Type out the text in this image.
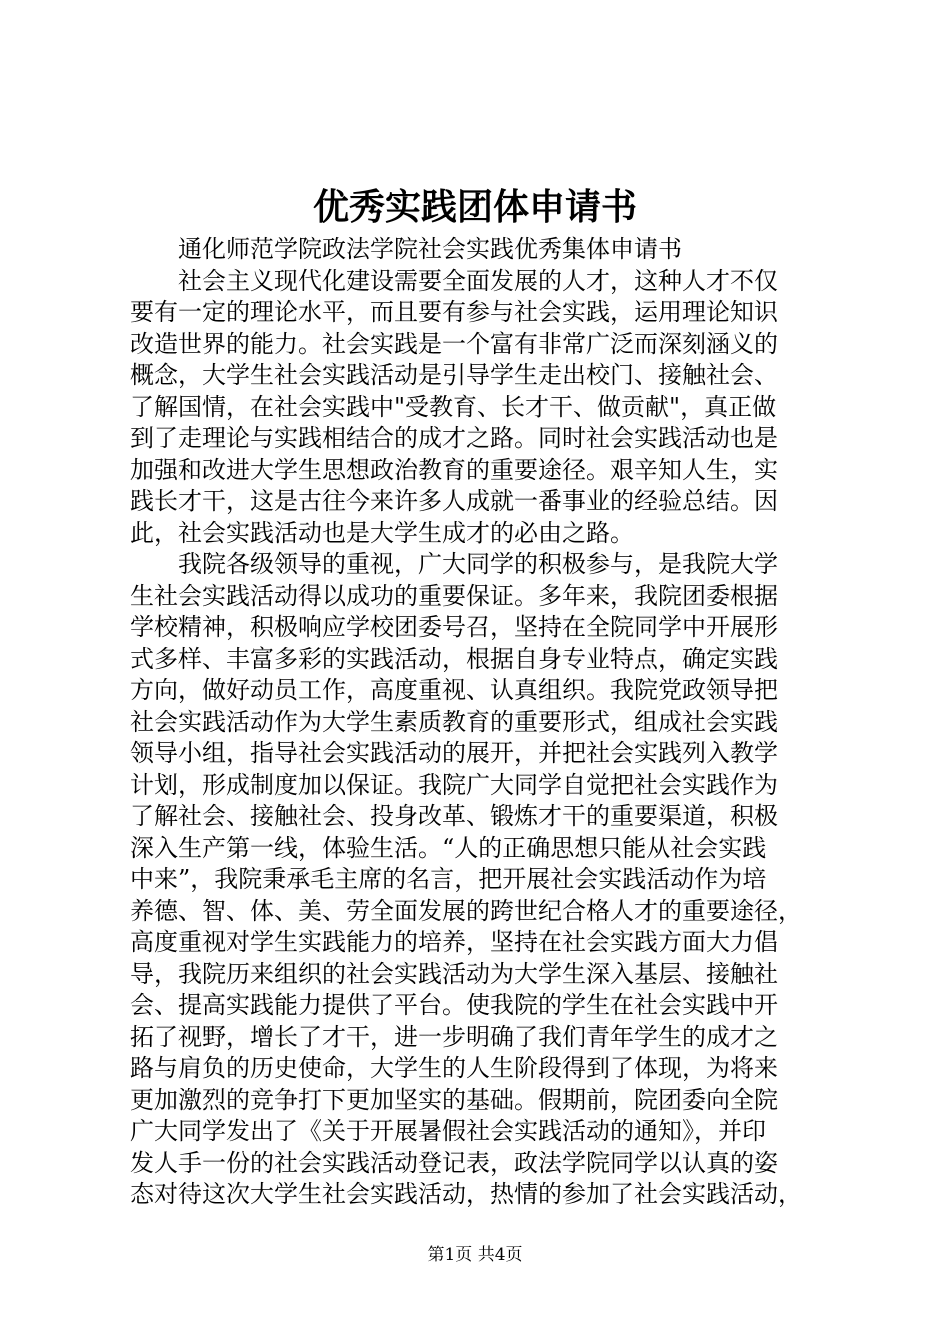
优秀实践团体申请书
　　通化师范学院政法学院社会实践优秀集体申请书
　　社会主义现代化建设需要全面发展的人才，这种人才不仅
要有一定的理论水平，而且要有参与社会实践，运用理论知识
改造世界的能力。社会实践是一个富有非常广泛而深刻涵义的
概念，大学生社会实践活动是引导学生走出校门、接触社会、
了解国情，在社会实践中"受教育、长才干、做贡献"，真正做
到了走理论与实践相结合的成才之路。同时社会实践活动也是
加强和改进大学生思想政治教育的重要途径。艰辛知人生，实
践长才干，这是古往今来许多人成就一番事业的经验总结。因
此，社会实践活动也是大学生成才的必由之路。
　　我院各级领导的重视，广大同学的积极参与，是我院大学
生社会实践活动得以成功的重要保证。多年来，我院团委根据
学校精神，积极响应学校团委号召，坚持在全院同学中开展形
式多样、丰富多彩的实践活动，根据自身专业特点，确定实践
方向，做好动员工作，高度重视、认真组织。我院党政领导把
社会实践活动作为大学生素质教育的重要形式，组成社会实践
领导小组，指导社会实践活动的展开，并把社会实践列入教学
计划，形成制度加以保证。我院广大同学自觉把社会实践作为
了解社会、接触社会、投身改革、锻炼才干的重要渠道，积极
深入生产第一线，体验生活。“人的正确思想只能从社会实践
中来”，我院秉承毛主席的名言，把开展社会实践活动作为培
养德、智、体、美、劳全面发展的跨世纪合格人才的重要途径，
高度重视对学生实践能力的培养，坚持在社会实践方面大力倡
导，我院历来组织的社会实践活动为大学生深入基层、接触社
会、提高实践能力提供了平台。使我院的学生在社会实践中开
拓了视野，增长了才干，进一步明确了我们青年学生的成才之
路与肩负的历史使命，大学生的人生阶段得到了体现，为将来
更加激烈的竞争打下更加坚实的基础。假期前，院团委向全院
广大同学发出了《关于开展暑假社会实践活动的通知》，并印
发人手一份的社会实践活动登记表，政法学院同学以认真的姿
态对待这次大学生社会实践活动，热情的参加了社会实践活动，
第1页 共4页
